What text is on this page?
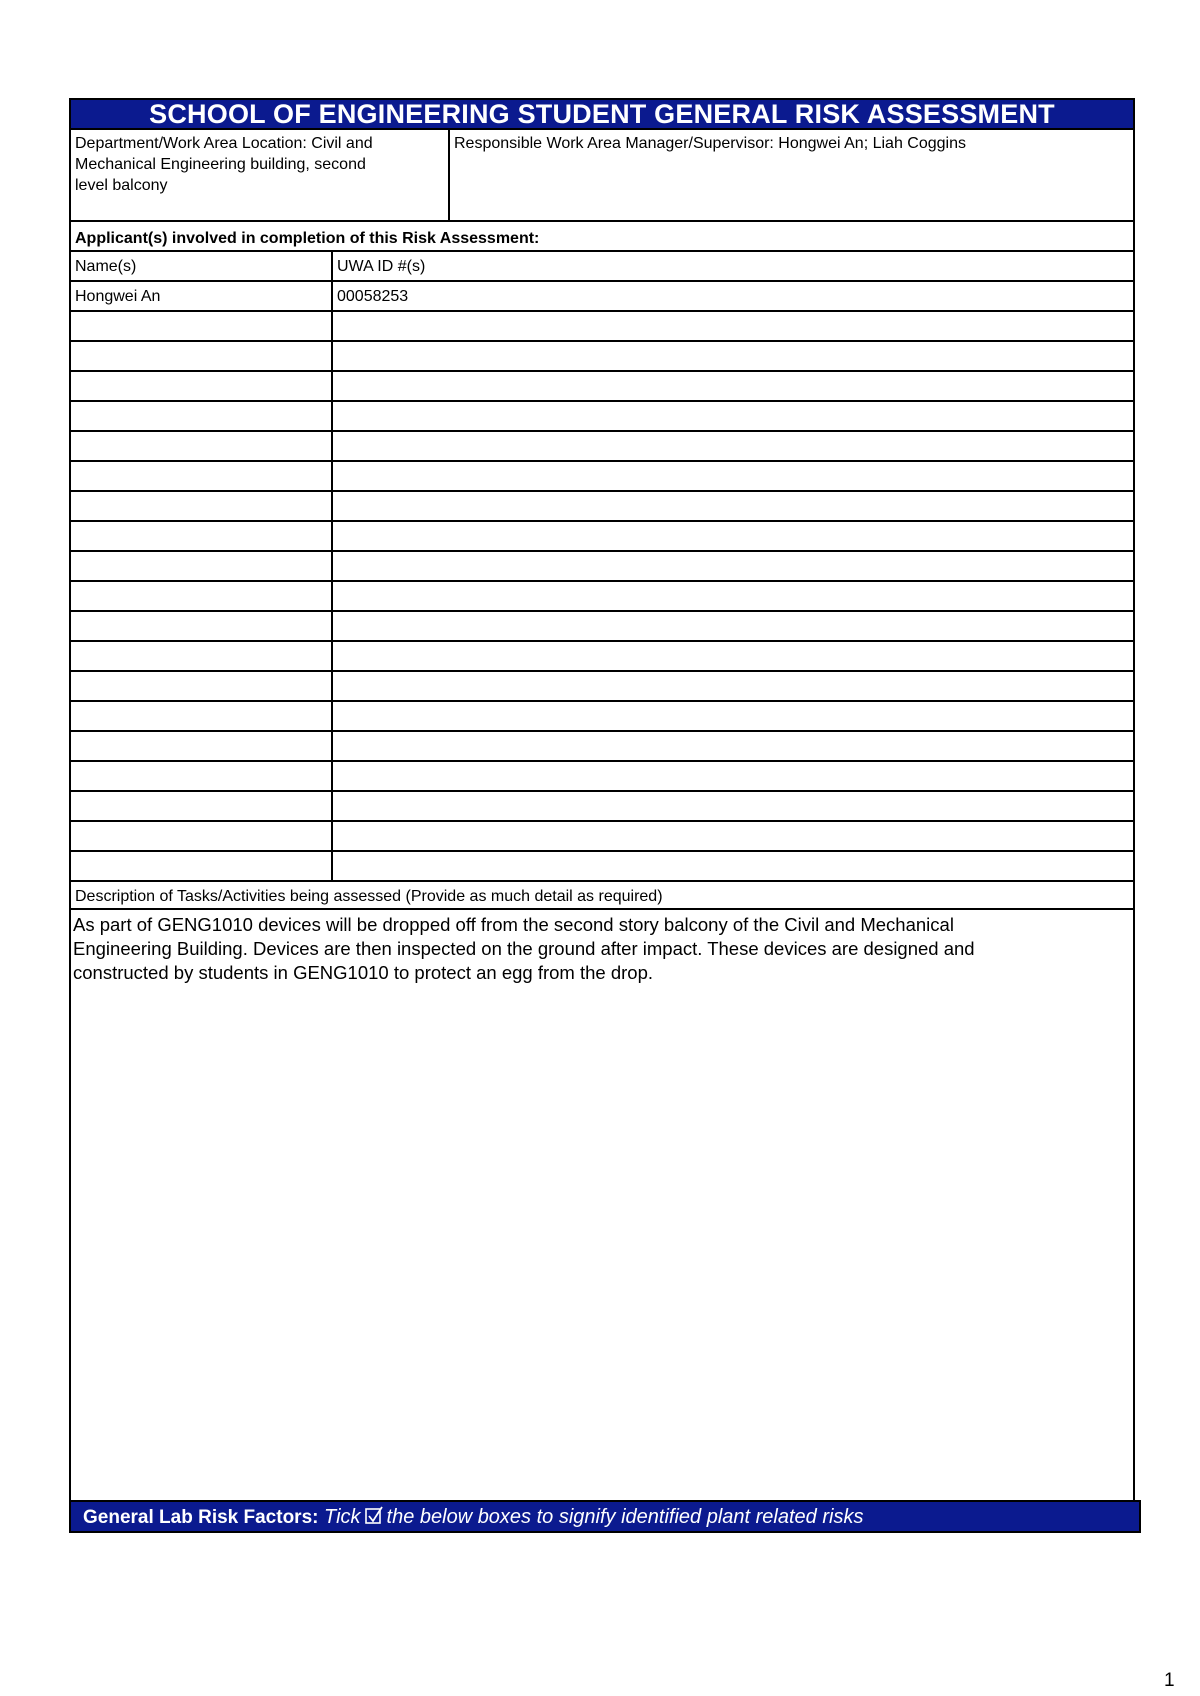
SCHOOL OF ENGINEERING STUDENT GENERAL RISK ASSESSMENT
Department/Work Area Location: Civil and
Mechanical Engineering building, second
level balcony
Responsible Work Area Manager/Supervisor: Hongwei An; Liah Coggins
Applicant(s) involved in completion of this Risk Assessment:
Name(s)	UWA ID #(s)
Hongwei An	00058253
Description of Tasks/Activities being assessed (Provide as much detail as required)
As part of GENG1010 devices will be dropped off from the second story balcony of the Civil and Mechanical
Engineering Building. Devices are then inspected on the ground after impact. These devices are designed and
constructed by students in GENG1010 to protect an egg from the drop.
General Lab Risk Factors: Tick the below boxes to signify identified plant related risks
1
